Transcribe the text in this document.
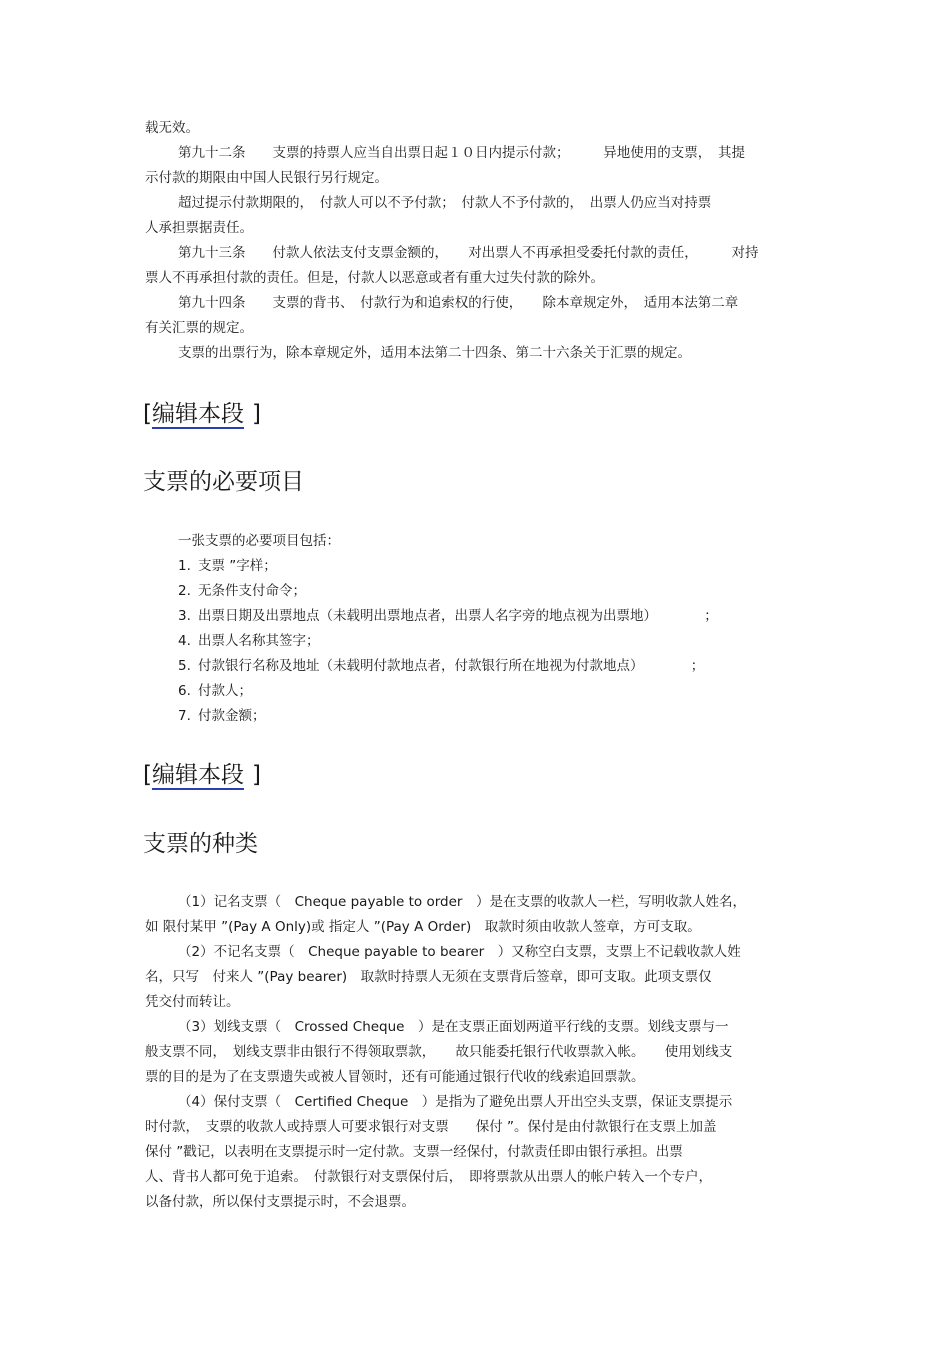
载无效。
第九十二条　　支票的持票人应当自出票日起１０日内提示付款；　　　异地使用的支票，　其提
示付款的期限由中国人民银行另行规定。
超过提示付款期限的，　付款人可以不予付款；　付款人不予付款的，　出票人仍应当对持票
人承担票据责任。
第九十三条　　付款人依法支付支票金额的，　　对出票人不再承担受委托付款的责任，　　　对持
票人不再承担付款的责任。但是，付款人以恶意或者有重大过失付款的除外。
第九十四条　　支票的背书、　付款行为和追索权的行使，　　除本章规定外，　适用本法第二章
有关汇票的规定。
支票的出票行为，除本章规定外，适用本法第二十四条、第二十六条关于汇票的规定。
[编辑本段 ]
支票的必要项目
一张支票的必要项目包括：
1. 支票 ”字样；
2. 无条件支付命令；
3. 出票日期及出票地点（未载明出票地点者，出票人名字旁的地点视为出票地）　　　　；
4. 出票人名称其签字；
5. 付款银行名称及地址（未载明付款地点者，付款银行所在地视为付款地点）　　　　；
6. 付款人；
7. 付款金额；
[编辑本段 ]
支票的种类
（1）记名支票（　Cheque payable to order　）是在支票的收款人一栏，写明收款人姓名，
如 限付某甲 ”(Pay A Only)或 指定人 ”(Pay A Order)　取款时须由收款人签章，方可支取。
（2）不记名支票（　Cheque payable to bearer　）又称空白支票，支票上不记载收款人姓
名，只写　付来人 ”(Pay bearer)　取款时持票人无须在支票背后签章，即可支取。此项支票仅
凭交付而转让。
（3）划线支票（　Crossed Cheque　）是在支票正面划两道平行线的支票。划线支票与一
般支票不同，　划线支票非由银行不得领取票款，　　故只能委托银行代收票款入帐。　　使用划线支
票的目的是为了在支票遗失或被人冒领时，还有可能通过银行代收的线索追回票款。
（4）保付支票（　Certified Cheque　）是指为了避免出票人开出空头支票，保证支票提示
时付款，　支票的收款人或持票人可要求银行对支票　　保付 ”。保付是由付款银行在支票上加盖
保付 ”戳记，以表明在支票提示时一定付款。支票一经保付，付款责任即由银行承担。出票
人、背书人都可免于追索。　付款银行对支票保付后，　即将票款从出票人的帐户转入一个专户，
以备付款，所以保付支票提示时，不会退票。
